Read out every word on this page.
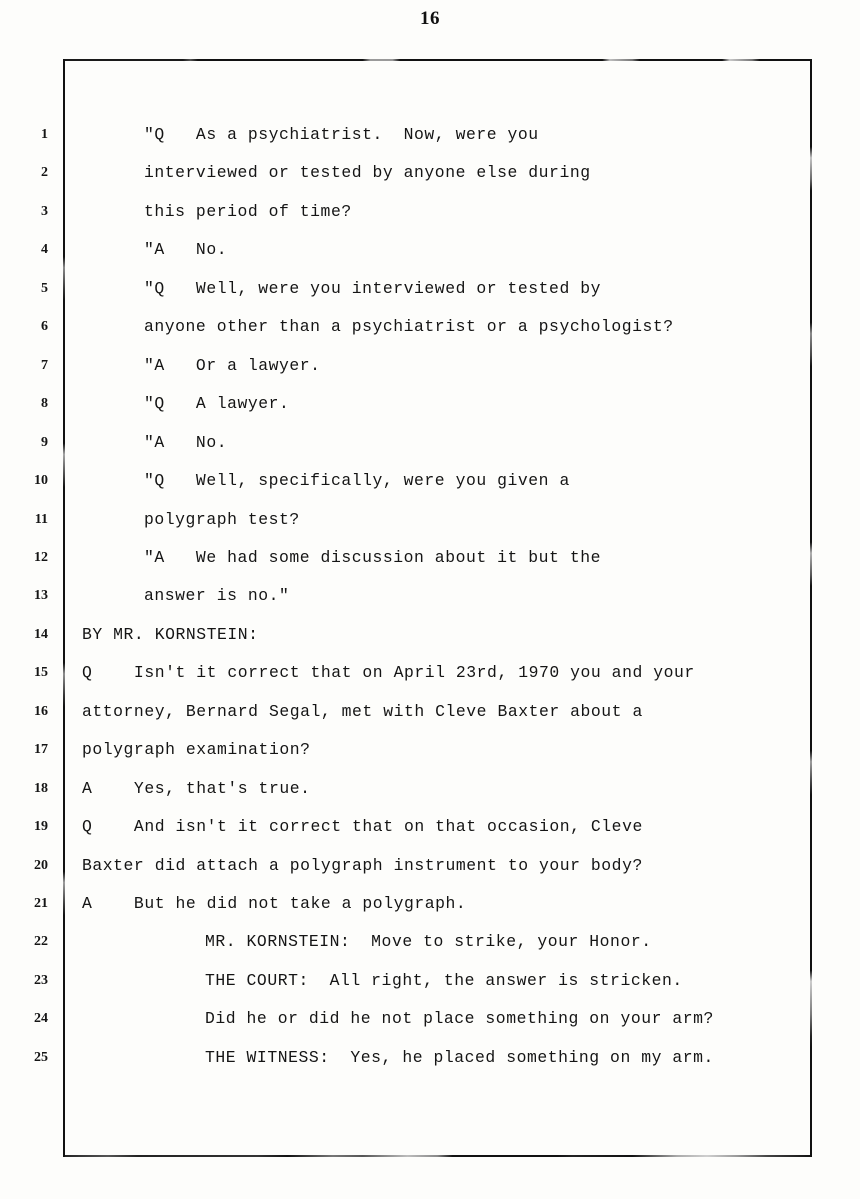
16
1	"Q   As a psychiatrist.  Now, were you
2	interviewed or tested by anyone else during
3	this period of time?
4	"A   No.
5	"Q   Well, were you interviewed or tested by
6	anyone other than a psychiatrist or a psychologist?
7	"A   Or a lawyer.
8	"Q   A lawyer.
9	"A   No.
10	"Q   Well, specifically, were you given a
11	polygraph test?
12	"A   We had some discussion about it but the
13	answer is no."
14 BY MR. KORNSTEIN:
15 Q    Isn't it correct that on April 23rd, 1970 you and your
16 attorney, Bernard Segal, met with Cleve Baxter about a
17 polygraph examination?
18 A    Yes, that's true.
19 Q    And isn't it correct that on that occasion, Cleve
20 Baxter did attach a polygraph instrument to your body?
21 A    But he did not take a polygraph.
22	MR. KORNSTEIN:  Move to strike, your Honor.
23	THE COURT:  All right, the answer is stricken.
24	Did he or did he not place something on your arm?
25	THE WITNESS:  Yes, he placed something on my arm.
